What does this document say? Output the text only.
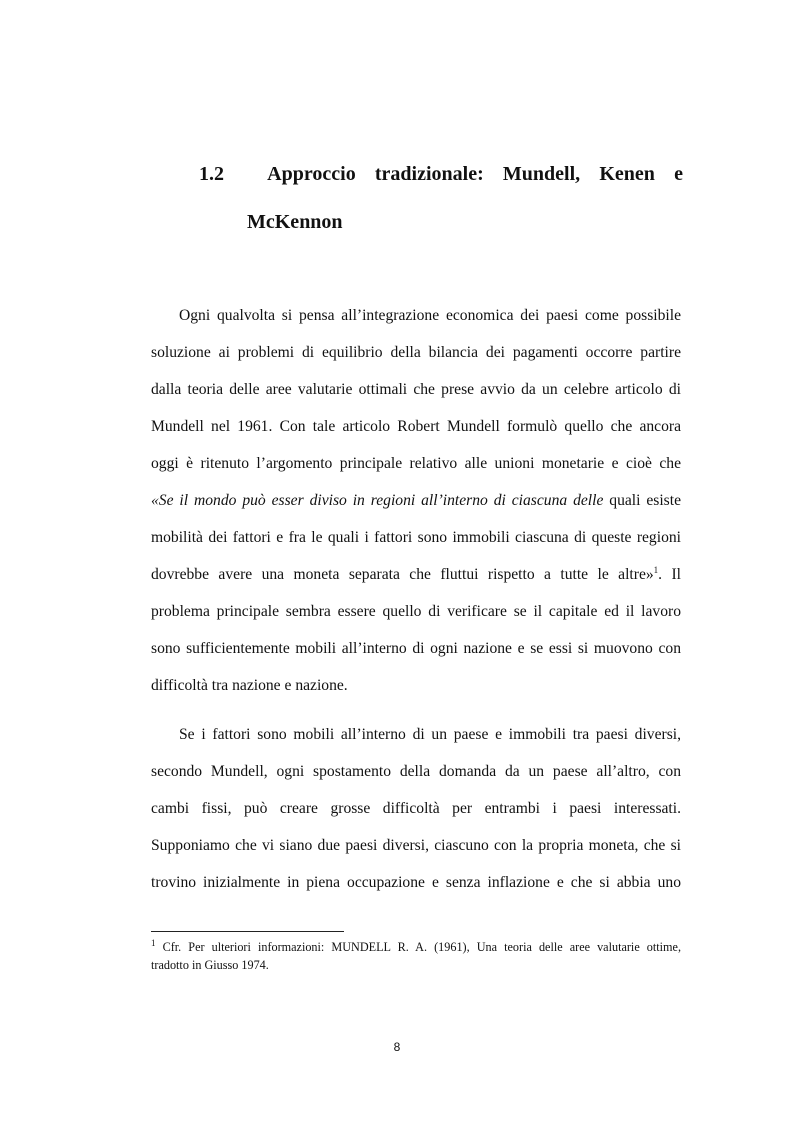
1.2 Approccio tradizionale: Mundell, Kenen e
McKennon
Ogni qualvolta si pensa all’integrazione economica dei paesi come possibile
soluzione ai problemi di equilibrio della bilancia dei pagamenti occorre partire
dalla teoria delle aree valutarie ottimali che prese avvio da un celebre articolo di
Mundell nel 1961. Con tale articolo Robert Mundell formulò quello che ancora
oggi è ritenuto l’argomento principale relativo alle unioni monetarie e cioè che
«Se il mondo può esser diviso in regioni all’interno di ciascuna delle quali esiste
mobilità dei fattori e fra le quali i fattori sono immobili ciascuna di queste regioni
dovrebbe avere una moneta separata che fluttui rispetto a tutte le altre»$^1$. Il
problema principale sembra essere quello di verificare se il capitale ed il lavoro
sono sufficientemente mobili all’interno di ogni nazione e se essi si muovono con
difficoltà tra nazione e nazione.
Se i fattori sono mobili all’interno di un paese e immobili tra paesi diversi,
secondo Mundell, ogni spostamento della domanda da un paese all’altro, con
cambi fissi, può creare grosse difficoltà per entrambi i paesi interessati.
Supponiamo che vi siano due paesi diversi, ciascuno con la propria moneta, che si
trovino inizialmente in piena occupazione e senza inflazione e che si abbia uno
$^1$ Cfr. Per ulteriori informazioni: MUNDELL R. A. (1961), Una teoria delle aree valutarie ottime,
tradotto in Giusso 1974.
8
